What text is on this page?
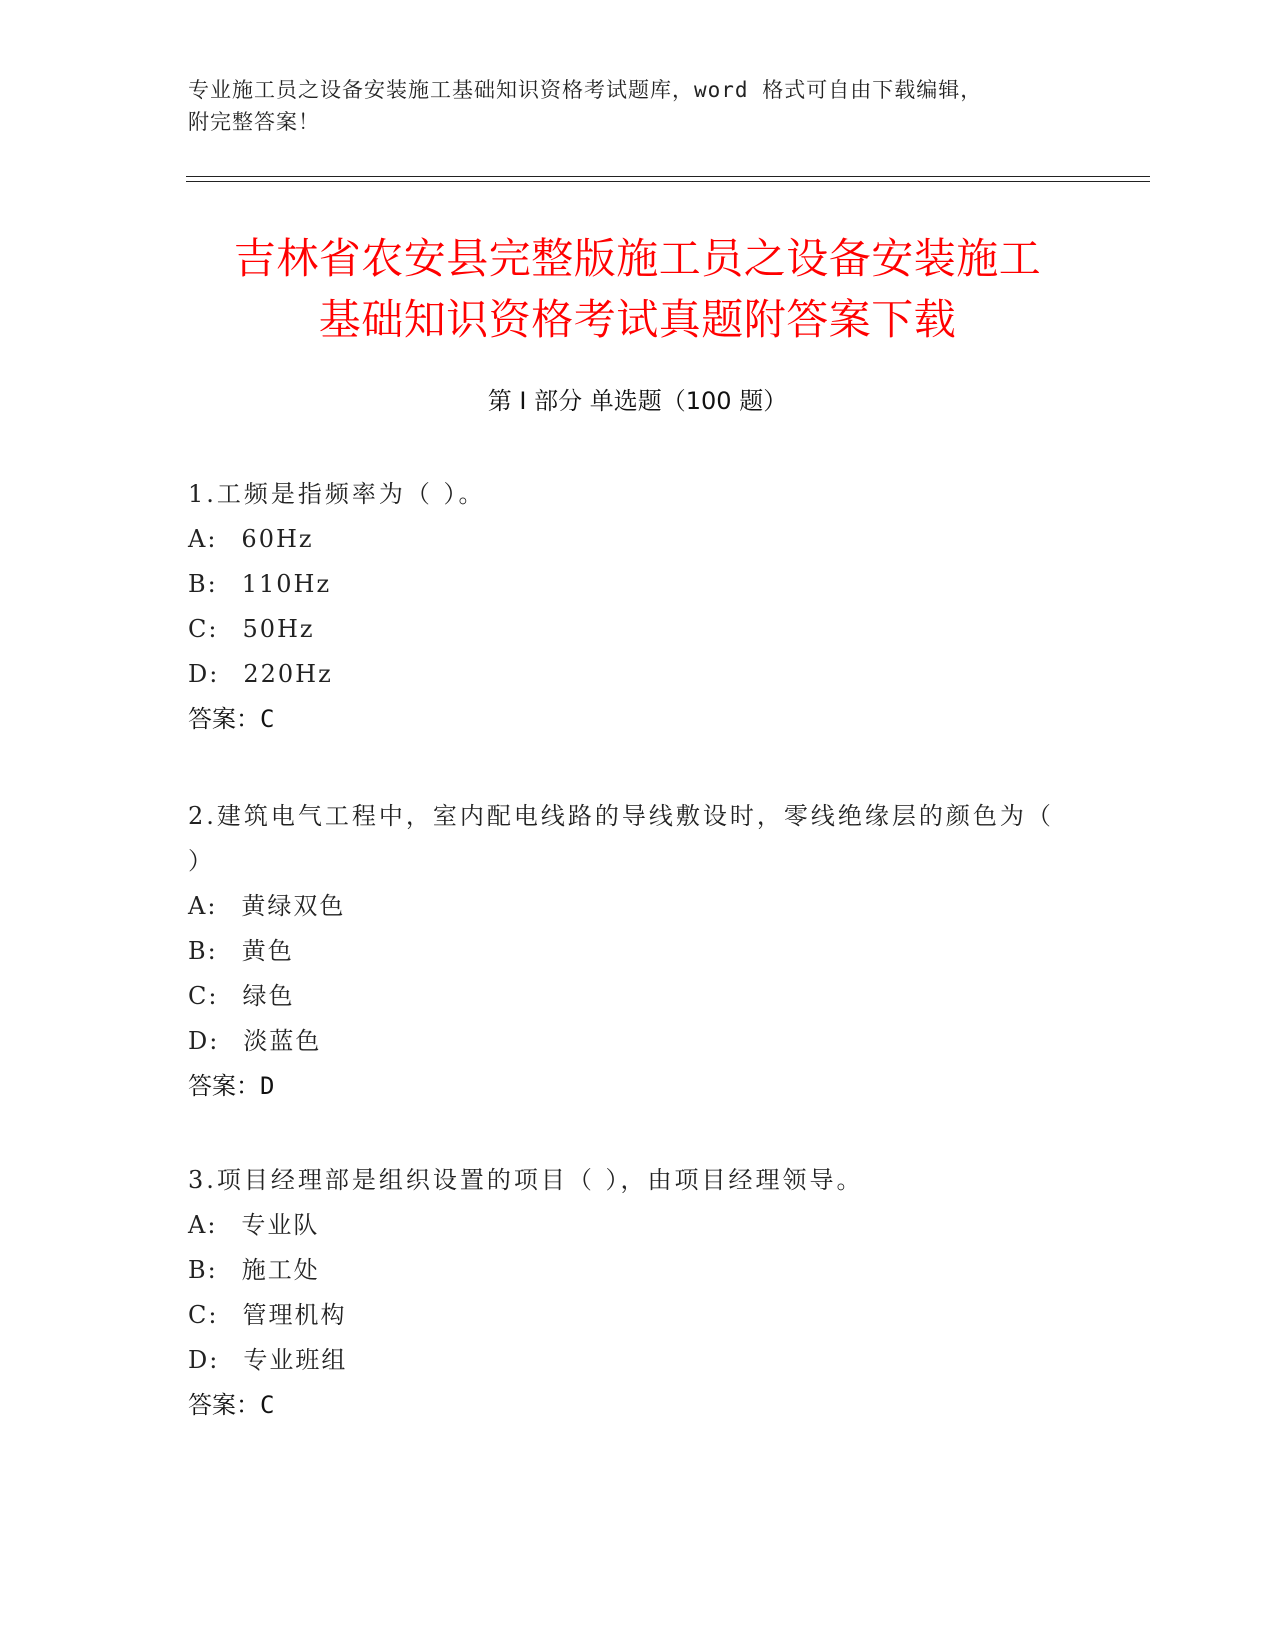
专业施工员之设备安装施工基础知识资格考试题库，word 格式可自由下载编辑，
附完整答案！
吉林省农安县完整版施工员之设备安装施工
基础知识资格考试真题附答案下载
第 I 部分 单选题（100 题）

1.工频是指频率为（ ）。

A: 60Hz

B: 110Hz

C: 50Hz

D: 220Hz

答案：C

2.建筑电气工程中，室内配电线路的导线敷设时，零线绝缘层的颜色为（ ）

A: 黄绿双色

B: 黄色

C: 绿色

D: 淡蓝色

答案：D

3.项目经理部是组织设置的项目（ ），由项目经理领导。

A: 专业队

B: 施工处

C: 管理机构

D: 专业班组

答案：C
